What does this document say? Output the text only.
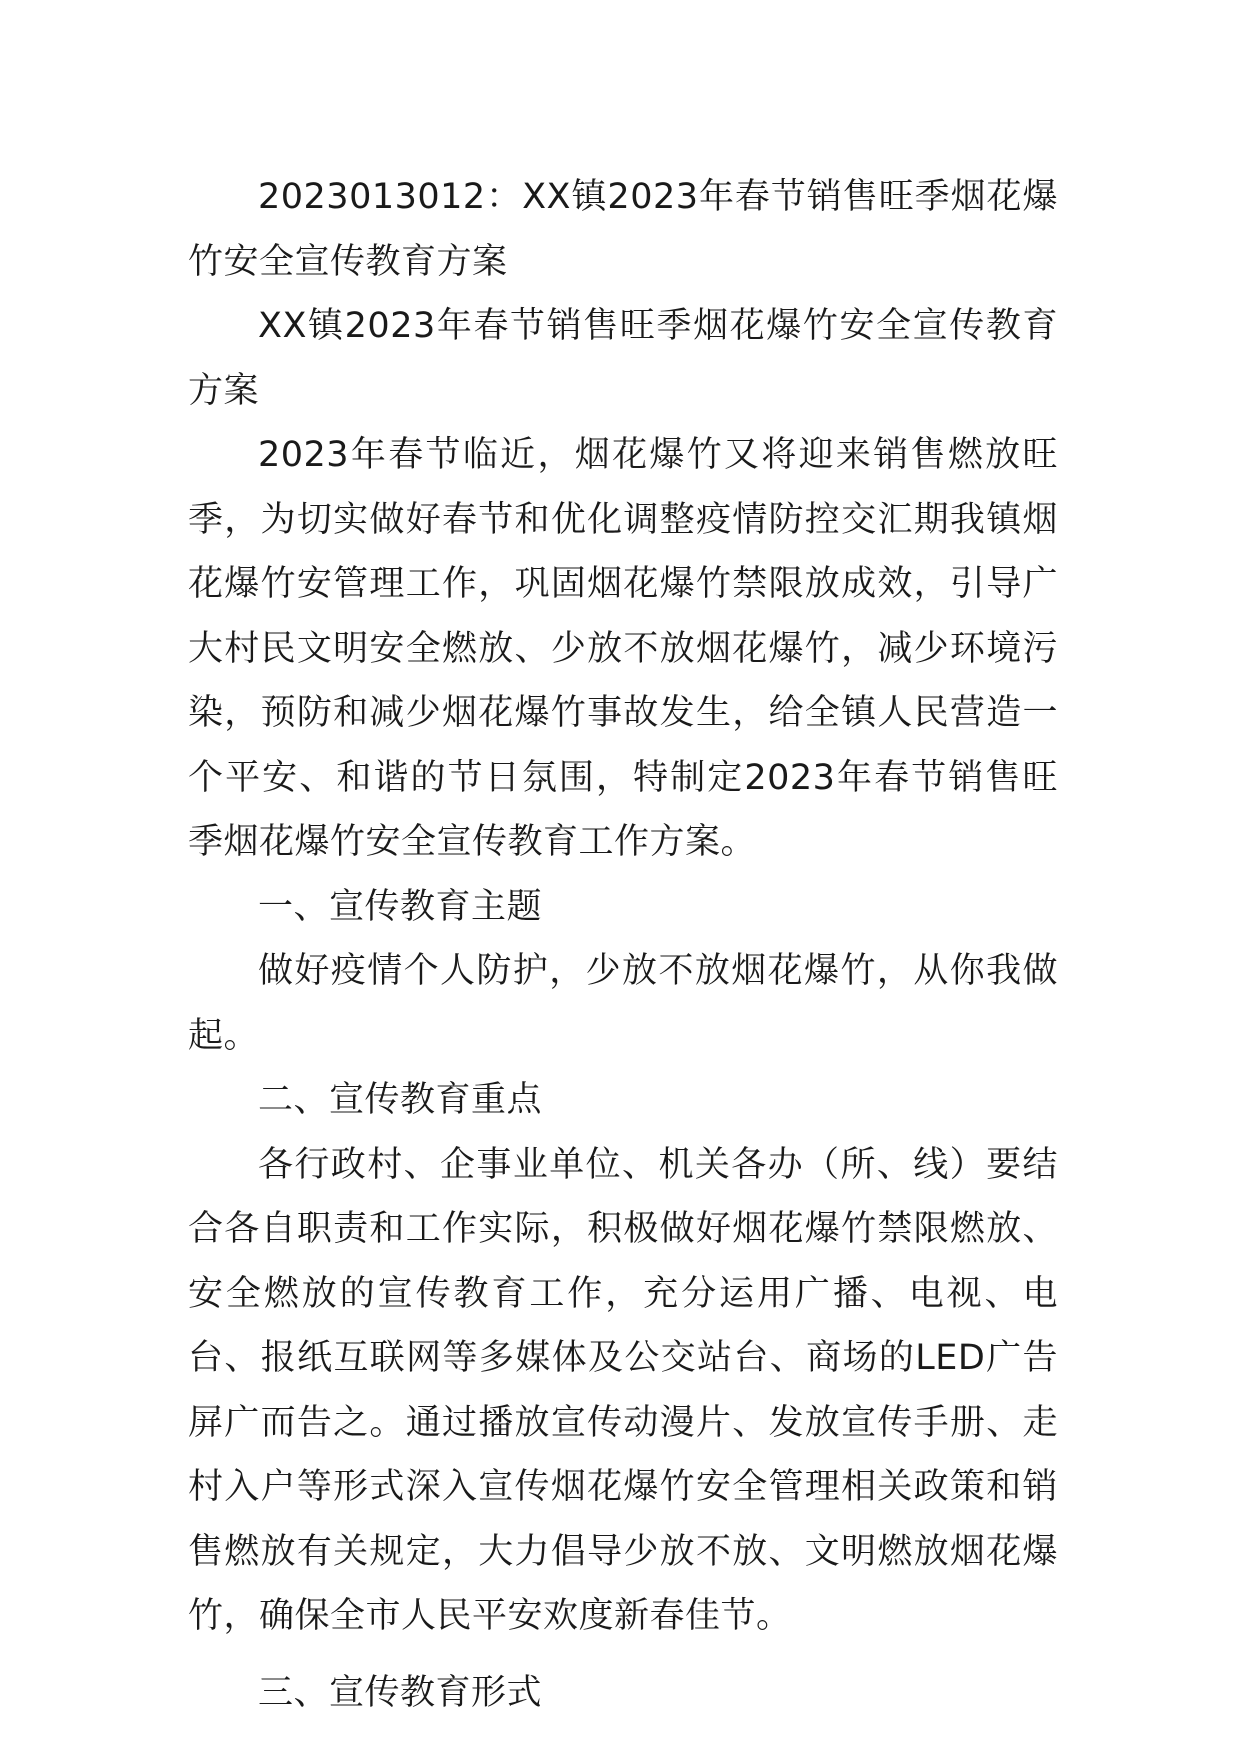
2023013012：XX镇2023年春节销售旺季烟花爆竹安全宣传教育方案

XX镇2023年春节销售旺季烟花爆竹安全宣传教育方案

2023年春节临近，烟花爆竹又将迎来销售燃放旺季，为切实做好春节和优化调整疫情防控交汇期我镇烟花爆竹安管理工作，巩固烟花爆竹禁限放成效，引导广大村民文明安全燃放、少放不放烟花爆竹，减少环境污染，预防和减少烟花爆竹事故发生，给全镇人民营造一个平安、和谐的节日氛围，特制定2023年春节销售旺季烟花爆竹安全宣传教育工作方案。

一、宣传教育主题

做好疫情个人防护，少放不放烟花爆竹，从你我做起。

二、宣传教育重点

各行政村、企事业单位、机关各办（所、线）要结合各自职责和工作实际，积极做好烟花爆竹禁限燃放、安全燃放的宣传教育工作，充分运用广播、电视、电台、报纸互联网等多媒体及公交站台、商场的LED广告屏广而告之。通过播放宣传动漫片、发放宣传手册、走村入户等形式深入宣传烟花爆竹安全管理相关政策和销售燃放有关规定，大力倡导少放不放、文明燃放烟花爆竹，确保全市人民平安欢度新春佳节。

三、宣传教育形式
